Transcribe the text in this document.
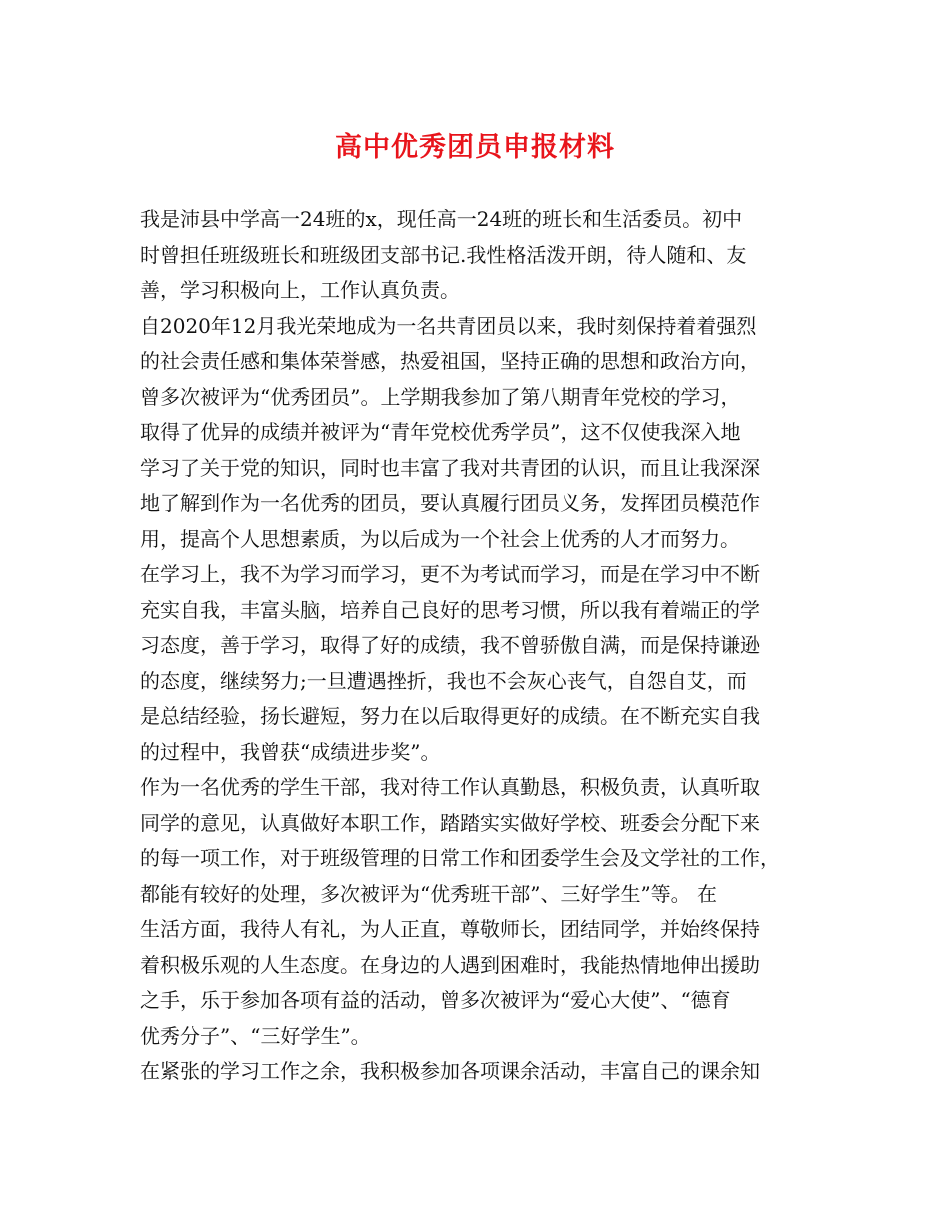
高中优秀团员申报材料
我是沛县中学高一24班的x，现任高一24班的班长和生活委员。初中
时曾担任班级班长和班级团支部书记.我性格活泼开朗，待人随和、友
善，学习积极向上，工作认真负责。
自2020年12月我光荣地成为一名共青团员以来，我时刻保持着着强烈
的社会责任感和集体荣誉感，热爱祖国，坚持正确的思想和政治方向，
曾多次被评为“优秀团员”。上学期我参加了第八期青年党校的学习，
取得了优异的成绩并被评为“青年党校优秀学员”，这不仅使我深入地
学习了关于党的知识，同时也丰富了我对共青团的认识，而且让我深深
地了解到作为一名优秀的团员，要认真履行团员义务，发挥团员模范作
用，提高个人思想素质，为以后成为一个社会上优秀的人才而努力。
在学习上，我不为学习而学习，更不为考试而学习，而是在学习中不断
充实自我，丰富头脑，培养自己良好的思考习惯，所以我有着端正的学
习态度，善于学习，取得了好的成绩，我不曾骄傲自满，而是保持谦逊
的态度，继续努力;一旦遭遇挫折，我也不会灰心丧气，自怨自艾，而
是总结经验，扬长避短，努力在以后取得更好的成绩。在不断充实自我
的过程中，我曾获“成绩进步奖”。
作为一名优秀的学生干部，我对待工作认真勤恳，积极负责，认真听取
同学的意见，认真做好本职工作，踏踏实实做好学校、班委会分配下来
的每一项工作，对于班级管理的日常工作和团委学生会及文学社的工作，
都能有较好的处理，多次被评为“优秀班干部”、三好学生”等。 在
生活方面，我待人有礼，为人正直，尊敬师长，团结同学，并始终保持
着积极乐观的人生态度。在身边的人遇到困难时，我能热情地伸出援助
之手，乐于参加各项有益的活动，曾多次被评为“爱心大使”、“德育
优秀分子”、“三好学生”。
在紧张的学习工作之余，我积极参加各项课余活动，丰富自己的课余知
